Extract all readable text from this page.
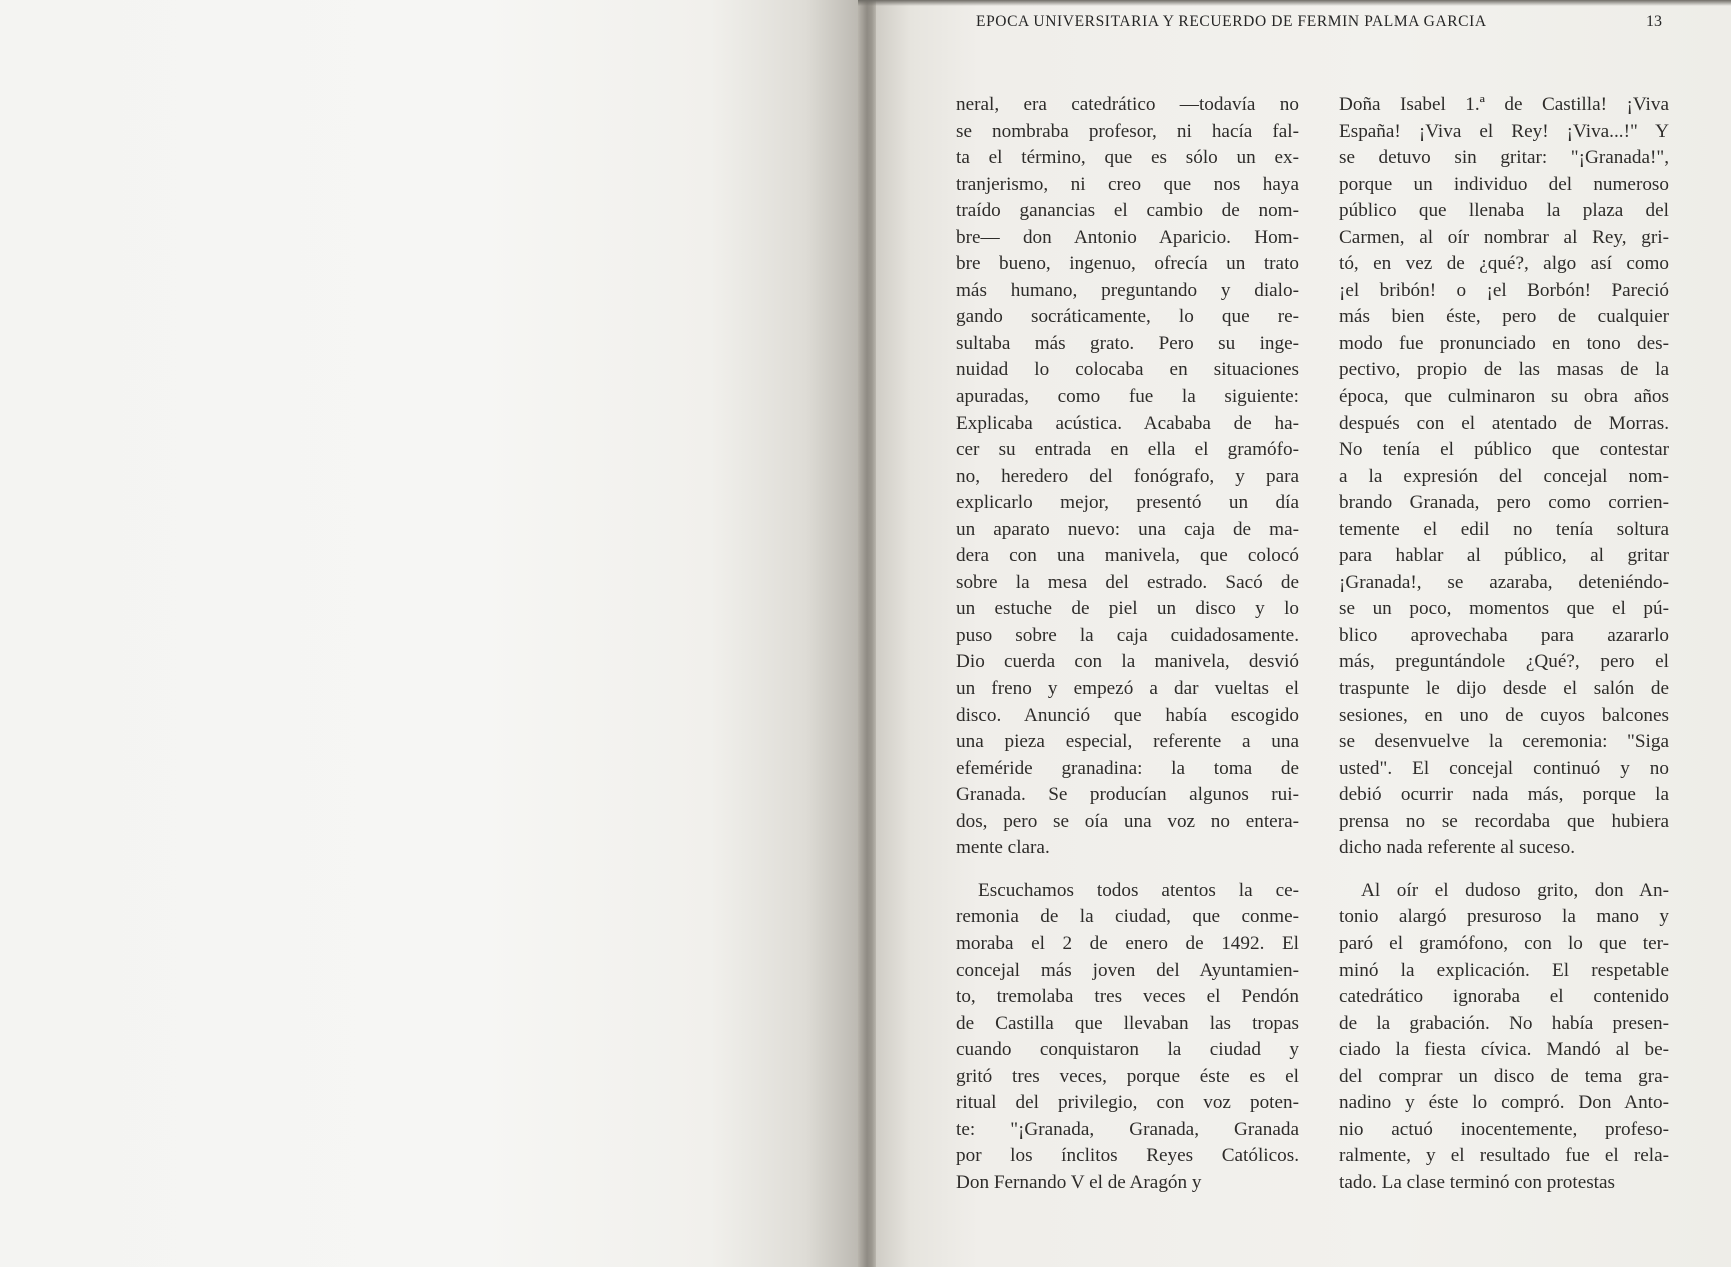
EPOCA UNIVERSITARIA Y RECUERDO DE FERMIN PALMA GARCIA	13
neral, era catedrático —todavía no
se nombraba profesor, ni hacía fal-
ta el término, que es sólo un ex-
tranjerismo, ni creo que nos haya
traído ganancias el cambio de nom-
bre— don Antonio Aparicio. Hom-
bre bueno, ingenuo, ofrecía un trato
más humano, preguntando y dialo-
gando socráticamente, lo que re-
sultaba más grato. Pero su inge-
nuidad lo colocaba en situaciones
apuradas, como fue la siguiente:
Explicaba acústica. Acababa de ha-
cer su entrada en ella el gramófo-
no, heredero del fonógrafo, y para
explicarlo mejor, presentó un día
un aparato nuevo: una caja de ma-
dera con una manivela, que colocó
sobre la mesa del estrado. Sacó de
un estuche de piel un disco y lo
puso sobre la caja cuidadosamente.
Dio cuerda con la manivela, desvió
un freno y empezó a dar vueltas el
disco. Anunció que había escogido
una pieza especial, referente a una
efeméride granadina: la toma de
Granada. Se producían algunos rui-
dos, pero se oía una voz no entera-
mente clara.
Escuchamos todos atentos la ce-
remonia de la ciudad, que conme-
moraba el 2 de enero de 1492. El
concejal más joven del Ayuntamien-
to, tremolaba tres veces el Pendón
de Castilla que llevaban las tropas
cuando conquistaron la ciudad y
gritó tres veces, porque éste es el
ritual del privilegio, con voz poten-
te: "¡Granada, Granada, Granada
por los ínclitos Reyes Católicos.
Don Fernando V el de Aragón y
Doña Isabel 1.ª de Castilla! ¡Viva
España! ¡Viva el Rey! ¡Viva...!" Y
se detuvo sin gritar: "¡Granada!",
porque un individuo del numeroso
público que llenaba la plaza del
Carmen, al oír nombrar al Rey, gri-
tó, en vez de ¿qué?, algo así como
¡el bribón! o ¡el Borbón! Pareció
más bien éste, pero de cualquier
modo fue pronunciado en tono des-
pectivo, propio de las masas de la
época, que culminaron su obra años
después con el atentado de Morras.
No tenía el público que contestar
a la expresión del concejal nom-
brando Granada, pero como corrien-
temente el edil no tenía soltura
para hablar al público, al gritar
¡Granada!, se azaraba, deteniéndo-
se un poco, momentos que el pú-
blico aprovechaba para azararlo
más, preguntándole ¿Qué?, pero el
traspunte le dijo desde el salón de
sesiones, en uno de cuyos balcones
se desenvuelve la ceremonia: "Siga
usted". El concejal continuó y no
debió ocurrir nada más, porque la
prensa no se recordaba que hubiera
dicho nada referente al suceso.
Al oír el dudoso grito, don An-
tonio alargó presuroso la mano y
paró el gramófono, con lo que ter-
minó la explicación. El respetable
catedrático ignoraba el contenido
de la grabación. No había presen-
ciado la fiesta cívica. Mandó al be-
del comprar un disco de tema gra-
nadino y éste lo compró. Don Anto-
nio actuó inocentemente, profeso-
ralmente, y el resultado fue el rela-
tado. La clase terminó con protestas
